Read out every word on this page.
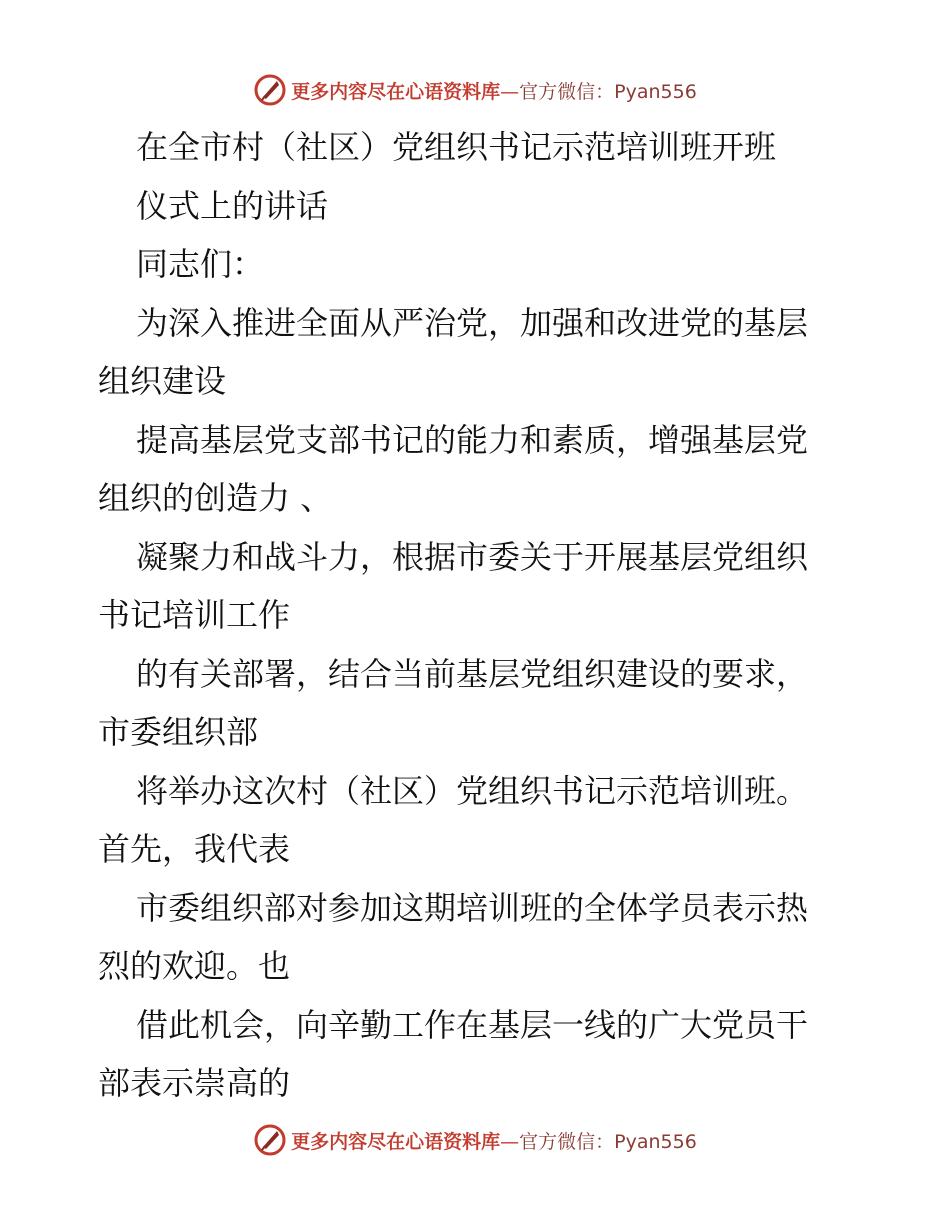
更多内容尽在心语资料库—官方微信：Pyan556

在全市村（社区）党组织书记示范培训班开班

仪式上的讲话

同志们：

为深入推进全面从严治党，加强和改进党的基层

组织建设

提高基层党支部书记的能力和素质，增强基层党

组织的创造力 、

凝聚力和战斗力，根据市委关于开展基层党组织

书记培训工作

的有关部署，结合当前基层党组织建设的要求，

市委组织部

将举办这次村（社区）党组织书记示范培训班。

首先，我代表

市委组织部对参加这期培训班的全体学员表示热

烈的欢迎。也

借此机会，向辛勤工作在基层一线的广大党员干

部表示崇高的

更多内容尽在心语资料库—官方微信：Pyan556
